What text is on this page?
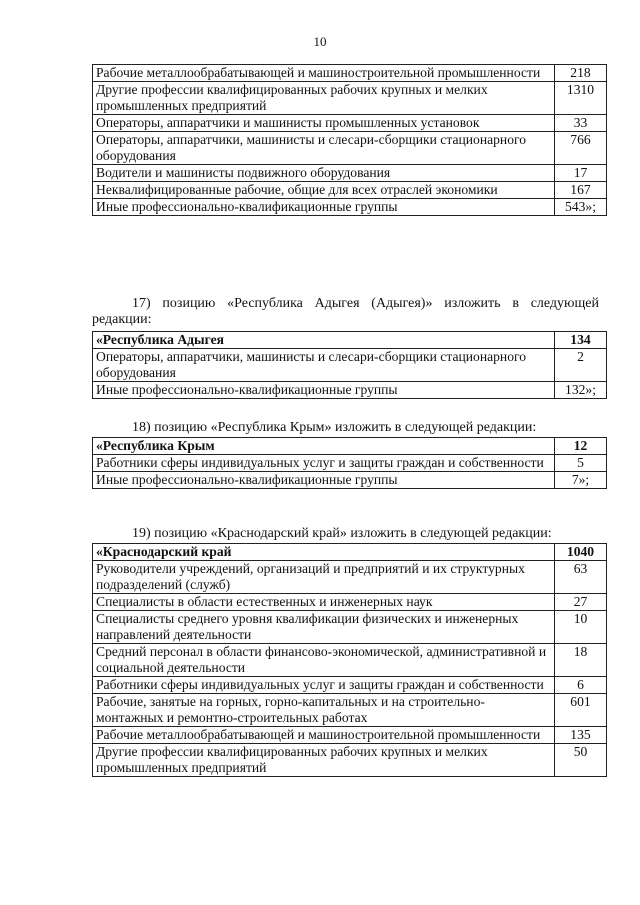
10
Рабочие металлообрабатывающей и машиностроительной промышленности	218
Другие профессии квалифицированных рабочих крупных и мелких промышленных предприятий	1310
Операторы, аппаратчики и машинисты промышленных установок	33
Операторы, аппаратчики, машинисты и слесари-сборщики стационарного оборудования	766
Водители и машинисты подвижного оборудования	17
Неквалифицированные рабочие, общие для всех отраслей экономики	167
Иные профессионально-квалификационные группы	543»;
17) позицию «Республика Адыгея (Адыгея)» изложить в следующей редакции:
«Республика Адыгея	134
Операторы, аппаратчики, машинисты и слесари-сборщики стационарного оборудования	2
Иные профессионально-квалификационные группы	132»;
18) позицию «Республика Крым» изложить в следующей редакции:
«Республика Крым	12
Работники сферы индивидуальных услуг и защиты граждан и собственности	5
Иные профессионально-квалификационные группы	7»;
19) позицию «Краснодарский край» изложить в следующей редакции:
«Краснодарский край	1040
Руководители учреждений, организаций и предприятий и их структурных подразделений (служб)	63
Специалисты в области естественных и инженерных наук	27
Специалисты среднего уровня квалификации физических и инженерных направлений деятельности	10
Средний персонал в области финансово-экономической, административной и социальной деятельности	18
Работники сферы индивидуальных услуг и защиты граждан и собственности	6
Рабочие, занятые на горных, горно-капитальных и на строительно-монтажных и ремонтно-строительных работах	601
Рабочие металлообрабатывающей и машиностроительной промышленности	135
Другие профессии квалифицированных рабочих крупных и мелких промышленных предприятий	50
